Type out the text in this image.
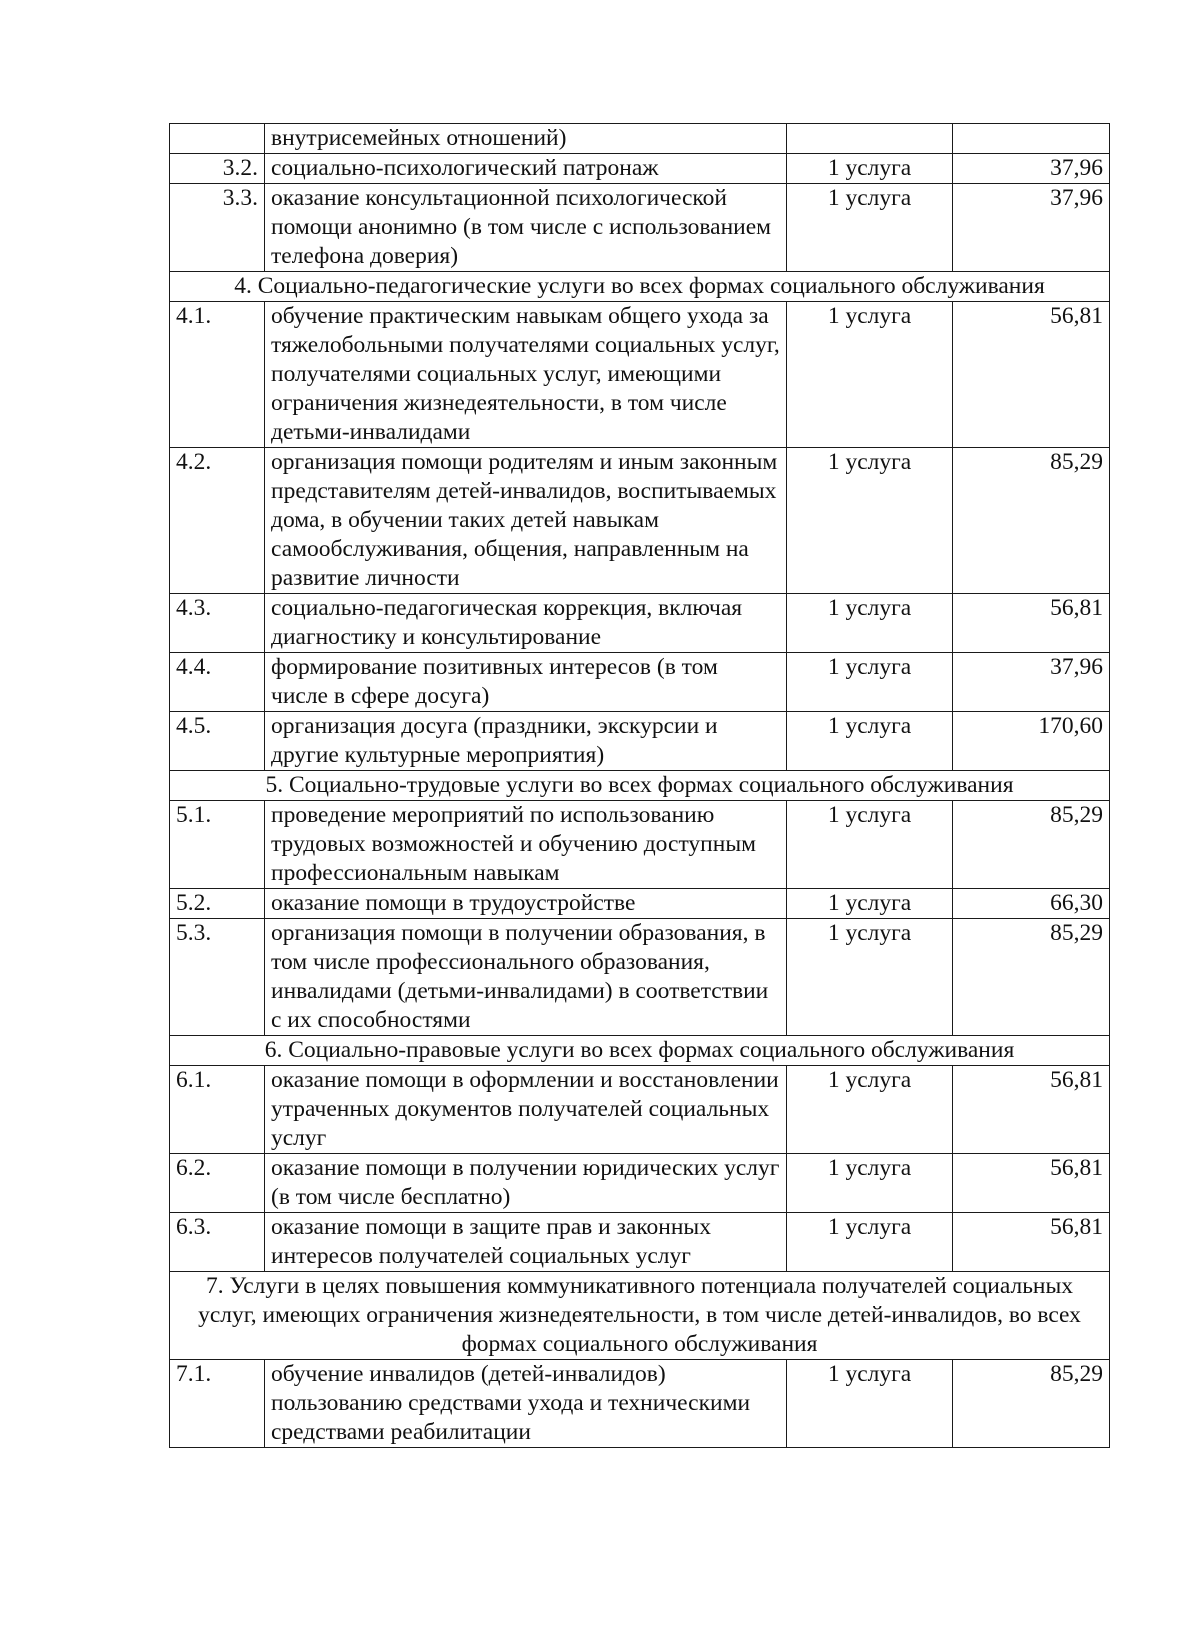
	внутрисемейных отношений)		
3.2.	социально-психологический патронаж	1 услуга	37,96
3.3.	оказание консультационной психологической помощи анонимно (в том числе с использованием телефона доверия)	1 услуга	37,96
4. Социально-педагогические услуги во всех формах социального обслуживания			
4.1.	обучение практическим навыкам общего ухода за тяжелобольными получателями социальных услуг, получателями социальных услуг, имеющими ограничения жизнедеятельности, в том числе детьми-инвалидами	1 услуга	56,81
4.2.	организация помощи родителям и иным законным представителям детей-инвалидов, воспитываемых дома, в обучении таких детей навыкам самообслуживания, общения, направленным на развитие личности	1 услуга	85,29
4.3.	социально-педагогическая коррекция, включая диагностику и консультирование	1 услуга	56,81
4.4.	формирование позитивных интересов (в том числе в сфере досуга)	1 услуга	37,96
4.5.	организация досуга (праздники, экскурсии и другие культурные мероприятия)	1 услуга	170,60
5. Социально-трудовые услуги во всех формах социального обслуживания			
5.1.	проведение мероприятий по использованию трудовых возможностей и обучению доступным профессиональным навыкам	1 услуга	85,29
5.2.	оказание помощи в трудоустройстве	1 услуга	66,30
5.3.	организация помощи в получении образования, в том числе профессионального образования, инвалидами (детьми-инвалидами) в соответствии с их способностями	1 услуга	85,29
6. Социально-правовые услуги во всех формах социального обслуживания			
6.1.	оказание помощи в оформлении и восстановлении утраченных документов получателей социальных услуг	1 услуга	56,81
6.2.	оказание помощи в получении юридических услуг (в том числе бесплатно)	1 услуга	56,81
6.3.	оказание помощи в защите прав и законных интересов получателей социальных услуг	1 услуга	56,81
7. Услуги в целях повышения коммуникативного потенциала получателей социальных услуг, имеющих ограничения жизнедеятельности, в том числе детей-инвалидов, во всех формах социального обслуживания			
7.1.	обучение инвалидов (детей-инвалидов) пользованию средствами ухода и техническими средствами реабилитации	1 услуга	85,29
